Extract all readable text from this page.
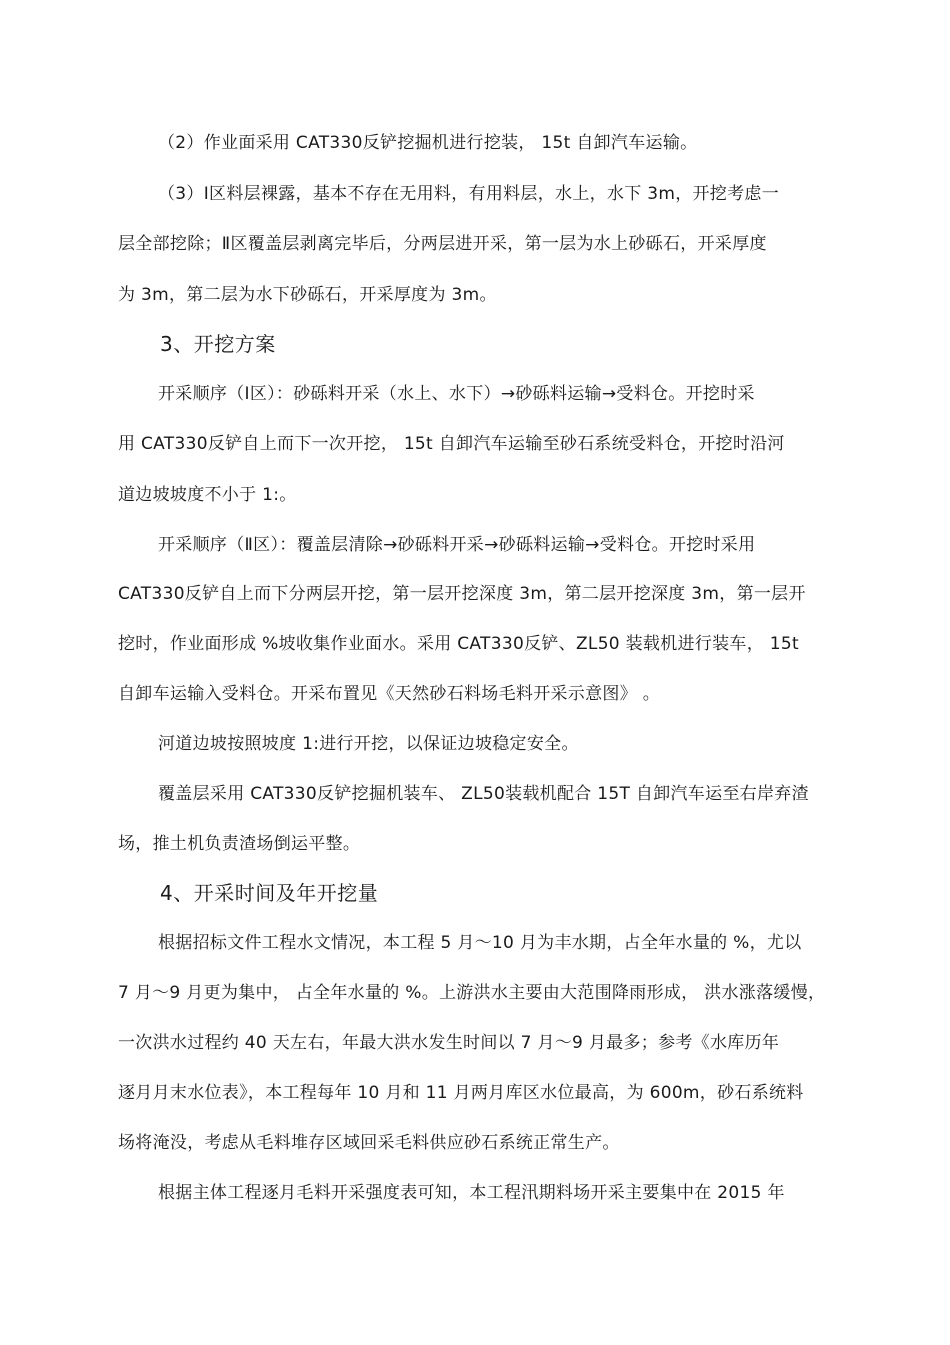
（2）作业面采用 CAT330反铲挖掘机进行挖装， 15t 自卸汽车运输。
（3）Ⅰ区料层裸露，基本不存在无用料，有用料层，水上，水下 3m，开挖考虑一
层全部挖除；Ⅱ区覆盖层剥离完毕后，分两层进开采，第一层为水上砂砾石，开采厚度
为 3m，第二层为水下砂砾石，开采厚度为 3m。
3、开挖方案
开采顺序（Ⅰ区）：砂砾料开采（水上、水下）→砂砾料运输→受料仓。开挖时采
用 CAT330反铲自上而下一次开挖， 15t 自卸汽车运输至砂石系统受料仓，开挖时沿河
道边坡坡度不小于 1:。
开采顺序（Ⅱ区）：覆盖层清除→砂砾料开采→砂砾料运输→受料仓。开挖时采用
CAT330反铲自上而下分两层开挖，第一层开挖深度 3m，第二层开挖深度 3m，第一层开
挖时，作业面形成 %坡收集作业面水。采用 CAT330反铲、ZL50 装载机进行装车， 15t
自卸车运输入受料仓。开采布置见《天然砂石料场毛料开采示意图》 。
河道边坡按照坡度 1:进行开挖，以保证边坡稳定安全。
覆盖层采用 CAT330反铲挖掘机装车、 ZL50装载机配合 15T 自卸汽车运至右岸弃渣
场，推土机负责渣场倒运平整。
4、开采时间及年开挖量
根据招标文件工程水文情况，本工程 5 月～10 月为丰水期，占全年水量的 %，尤以
7 月～9 月更为集中， 占全年水量的 %。上游洪水主要由大范围降雨形成， 洪水涨落缓慢，
一次洪水过程约 40 天左右，年最大洪水发生时间以 7 月～9 月最多；参考《水库历年
逐月月末水位表》，本工程每年 10 月和 11 月两月库区水位最高，为 600m，砂石系统料
场将淹没，考虑从毛料堆存区域回采毛料供应砂石系统正常生产。
根据主体工程逐月毛料开采强度表可知，本工程汛期料场开采主要集中在 2015 年
